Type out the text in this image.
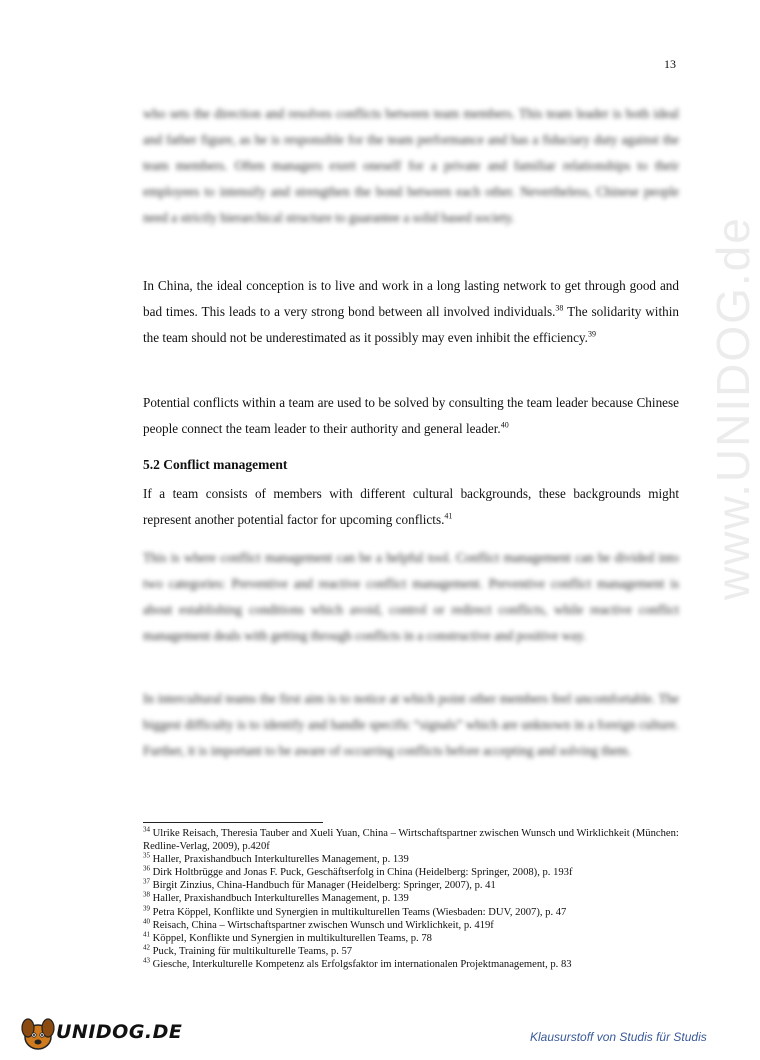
13
www.UNIDOG.de
who sets the direction and resolves conflicts between team members. This team leader is both ideal and father figure, as he is responsible for the team performance and has a fiduciary duty against the team members. Often managers exert oneself for a private and familiar relationships to their employees to intensify and strengthen the bond between each other. Nevertheless, Chinese people need a strictly hierarchical structure to guarantee a solid based society.
In China, the ideal conception is to live and work in a long lasting network to get through good and bad times. This leads to a very strong bond between all involved individuals.$^{38}$ The solidarity within the team should not be underestimated as it possibly may even inhibit the efficiency.$^{39}$
Potential conflicts within a team are used to be solved by consulting the team leader because Chinese people connect the team leader to their authority and general leader.$^{40}$
5.2 Conflict management
If a team consists of members with different cultural backgrounds, these backgrounds might represent another potential factor for upcoming conflicts.$^{41}$
This is where conflict management can be a helpful tool. Conflict management can be divided into two categories: Preventive and reactive conflict management. Preventive conflict management is about establishing conditions which avoid, control or redirect conflicts, while reactive conflict management deals with getting through conflicts in a constructive and positive way.
In intercultural teams the first aim is to notice at which point other members feel uncomfortable. The biggest difficulty is to identify and handle specific “signals” which are unknown in a foreign culture. Further, it is important to be aware of occurring conflicts before accepting and solving them.

$^{34}$ Ulrike Reisach, Theresia Tauber and Xueli Yuan, China – Wirtschaftspartner zwischen Wunsch und Wirklichkeit (München: Redline-Verlag, 2009), p.420f

$^{35}$ Haller, Praxishandbuch Interkulturelles Management, p. 139

$^{36}$ Dirk Holtbrügge and Jonas F. Puck, Geschäftserfolg in China (Heidelberg: Springer, 2008), p. 193f

$^{37}$ Birgit Zinzius, China-Handbuch für Manager (Heidelberg: Springer, 2007), p. 41

$^{38}$ Haller, Praxishandbuch Interkulturelles Management, p. 139

$^{39}$ Petra Köppel, Konflikte und Synergien in multikulturellen Teams (Wiesbaden: DUV, 2007), p. 47

$^{40}$ Reisach, China – Wirtschaftspartner zwischen Wunsch und Wirklichkeit, p. 419f

$^{41}$ Köppel, Konflikte und Synergien in multikulturellen Teams, p. 78

$^{42}$ Puck, Training für multikulturelle Teams, p. 57

$^{43}$ Giesche, Interkulturelle Kompetenz als Erfolgsfaktor im internationalen Projektmanagement, p. 83

UNIDOG.DE	Klausurstoff von Studis für Studis
